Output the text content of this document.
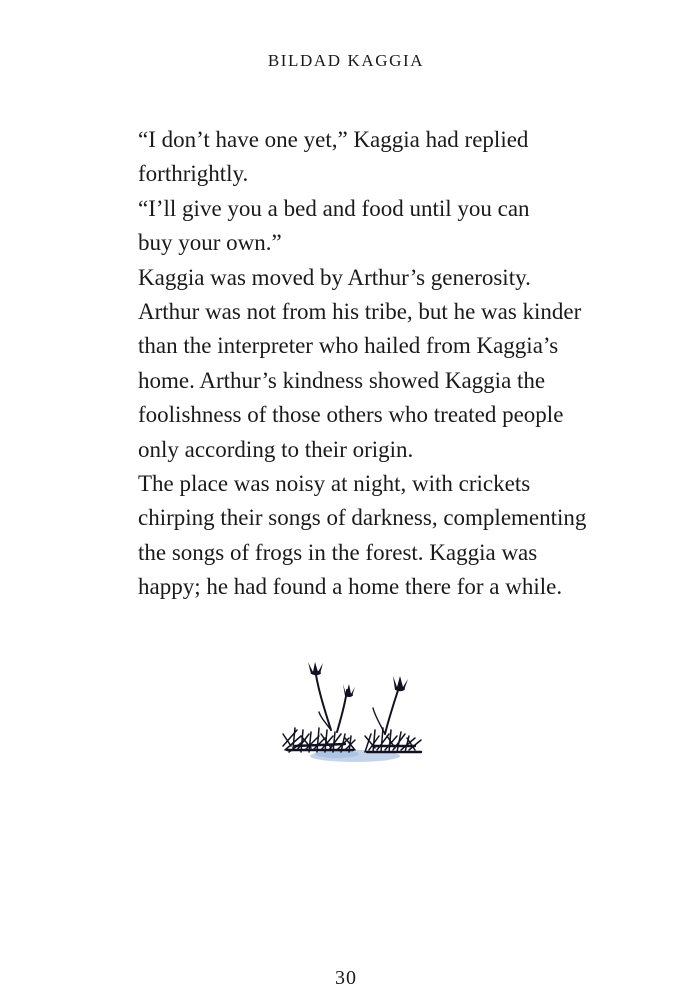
BILDAD KAGGIA

“I don’t have one yet,” Kaggia had replied
forthrightly.

“I’ll give you a bed and food until you can
buy your own.”

Kaggia was moved by Arthur’s generosity.
Arthur was not from his tribe, but he was kinder
than the interpreter who hailed from Kaggia’s
home. Arthur’s kindness showed Kaggia the
foolishness of those others who treated people
only according to their origin.

The place was noisy at night, with crickets
chirping their songs of darkness, complementing
the songs of frogs in the forest. Kaggia was
happy; he had found a home there for a while.

30
